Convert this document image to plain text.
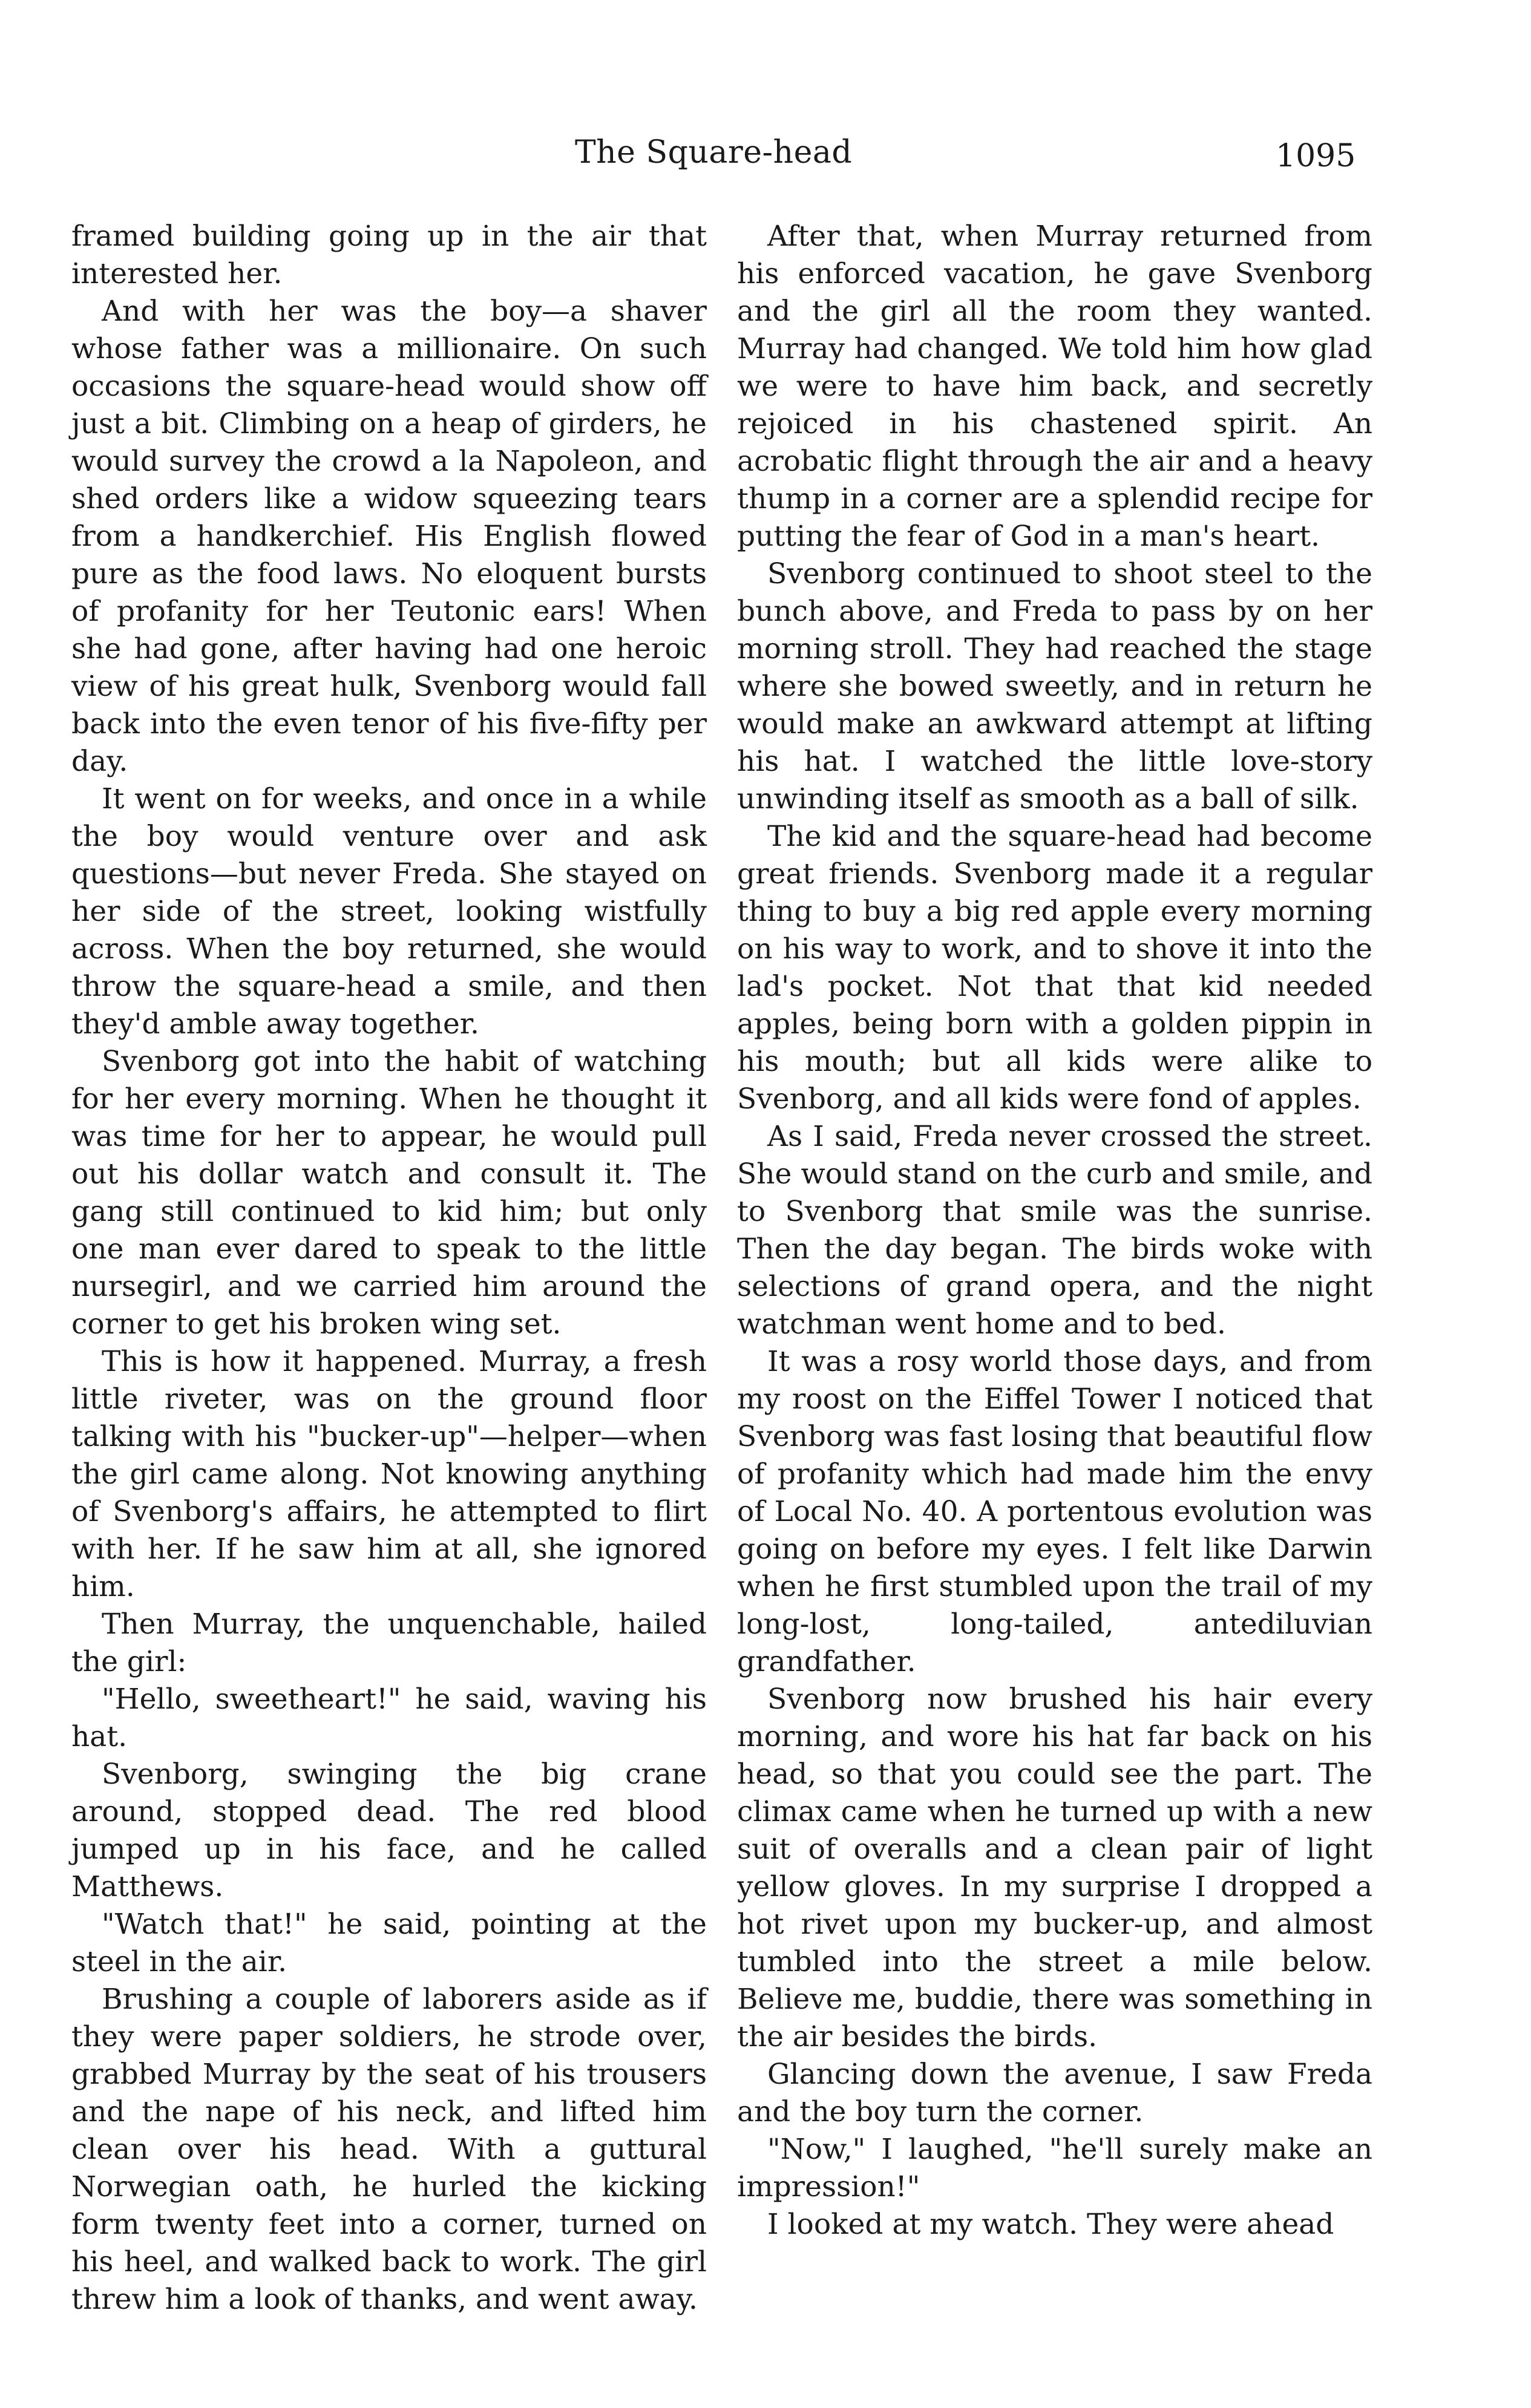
The Square-head	1095

framed building going up in the air that interested her.

And with her was the boy—a shaver whose father was a millionaire. On such occasions the square-head would show off just a bit. Climbing on a heap of girders, he would survey the crowd a la Napoleon, and shed orders like a widow squeezing tears from a handkerchief. His English flowed pure as the food laws. No eloquent bursts of profanity for her Teutonic ears! When she had gone, after having had one heroic view of his great hulk, Svenborg would fall back into the even tenor of his five-fifty per day.

It went on for weeks, and once in a while the boy would venture over and ask questions—but never Freda. She stayed on her side of the street, looking wistfully across. When the boy returned, she would throw the square-head a smile, and then they'd amble away together.

Svenborg got into the habit of watching for her every morning. When he thought it was time for her to appear, he would pull out his dollar watch and consult it. The gang still continued to kid him; but only one man ever dared to speak to the little nursegirl, and we carried him around the corner to get his broken wing set.

This is how it happened. Murray, a fresh little riveter, was on the ground floor talking with his "bucker-up"—helper—when the girl came along. Not knowing anything of Svenborg's affairs, he attempted to flirt with her. If he saw him at all, she ignored him.

Then Murray, the unquenchable, hailed the girl:

"Hello, sweetheart!" he said, waving his hat.

Svenborg, swinging the big crane around, stopped dead. The red blood jumped up in his face, and he called Matthews.

"Watch that!" he said, pointing at the steel in the air.

Brushing a couple of laborers aside as if they were paper soldiers, he strode over, grabbed Murray by the seat of his trousers and the nape of his neck, and lifted him clean over his head. With a guttural Norwegian oath, he hurled the kicking form twenty feet into a corner, turned on his heel, and walked back to work. The girl threw him a look of thanks, and went away.

After that, when Murray returned from his enforced vacation, he gave Svenborg and the girl all the room they wanted. Murray had changed. We told him how glad we were to have him back, and secretly rejoiced in his chastened spirit. An acrobatic flight through the air and a heavy thump in a corner are a splendid recipe for putting the fear of God in a man's heart.

Svenborg continued to shoot steel to the bunch above, and Freda to pass by on her morning stroll. They had reached the stage where she bowed sweetly, and in return he would make an awkward attempt at lifting his hat. I watched the little love-story unwinding itself as smooth as a ball of silk.

The kid and the square-head had become great friends. Svenborg made it a regular thing to buy a big red apple every morning on his way to work, and to shove it into the lad's pocket. Not that that kid needed apples, being born with a golden pippin in his mouth; but all kids were alike to Svenborg, and all kids were fond of apples.

As I said, Freda never crossed the street. She would stand on the curb and smile, and to Svenborg that smile was the sunrise. Then the day began. The birds woke with selections of grand opera, and the night watchman went home and to bed.

It was a rosy world those days, and from my roost on the Eiffel Tower I noticed that Svenborg was fast losing that beautiful flow of profanity which had made him the envy of Local No. 40. A portentous evolution was going on before my eyes. I felt like Darwin when he first stumbled upon the trail of my long-lost, long-tailed, antediluvian grandfather.

Svenborg now brushed his hair every morning, and wore his hat far back on his head, so that you could see the part. The climax came when he turned up with a new suit of overalls and a clean pair of light yellow gloves. In my surprise I dropped a hot rivet upon my bucker-up, and almost tumbled into the street a mile below. Believe me, buddie, there was something in the air besides the birds.

Glancing down the avenue, I saw Freda and the boy turn the corner.

"Now," I laughed, "he'll surely make an impression!"

I looked at my watch. They were ahead
